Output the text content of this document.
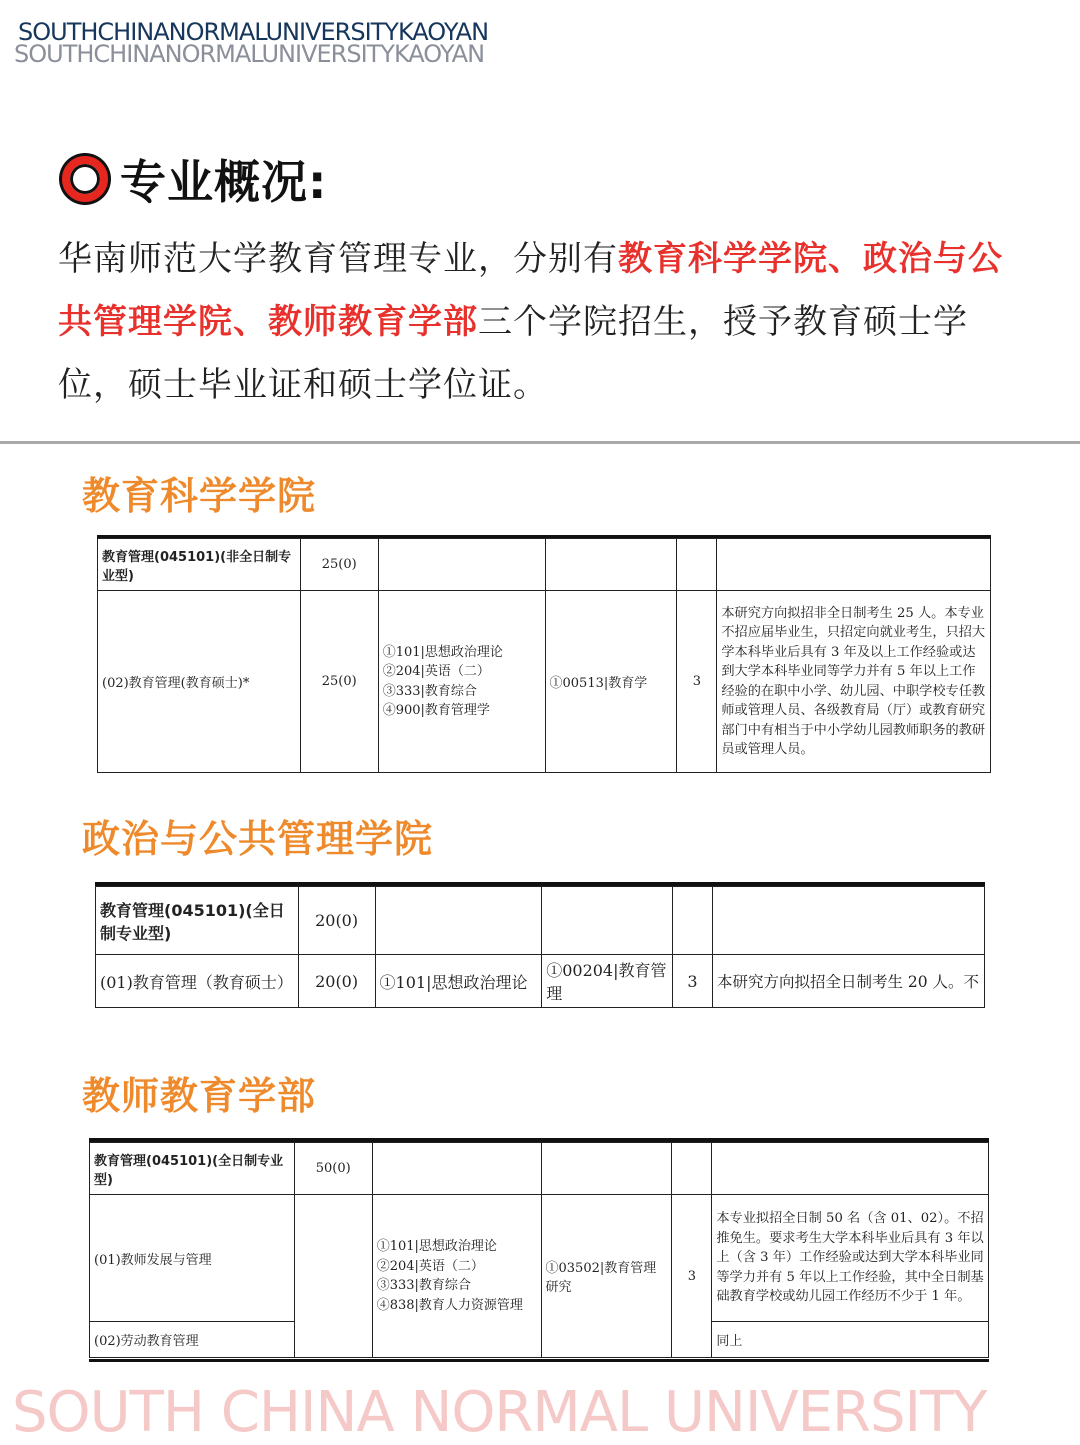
SOUTHCHINANORMALUNIVERSITYKAOYAN
SOUTHCHINANORMALUNIVERSITYKAOYAN
专业概况:
华南师范大学教育管理专业，分别有教育科学学院、政治与公共管理学院、教师教育学部三个学院招生，授予教育硕士学位，硕士毕业证和硕士学位证。
教育科学学院
教育管理(045101)(非全日制专业型)	25(0)				
(02)教育管理(教育硕士)*	25(0)	①101|思想政治理论
②204|英语（二）
③333|教育综合
④900|教育管理学	①00513|教育学	3	本研究方向拟招非全日制考生 25 人。本专业不招应届毕业生，只招定向就业考生，只招大学本科毕业后具有 3 年及以上工作经验或达到大学本科毕业同等学力并有 5 年以上工作经验的在职中小学、幼儿园、中职学校专任教师或管理人员、各级教育局（厅）或教育研究部门中有相当于中小学幼儿园教师职务的教研员或管理人员。
政治与公共管理学院
教育管理(045101)(全日制专业型)	20(0)				
(01)教育管理（教育硕士）	20(0)	①101|思想政治理论	①00204|教育管理	3	本研究方向拟招全日制考生 20 人。不
教师教育学部
教育管理(045101)(全日制专业型)	50(0)				
(01)教师发展与管理		①101|思想政治理论
②204|英语（二）
③333|教育综合
④838|教育人力资源管理	①03502|教育管理研究	3	本专业拟招全日制 50 名（含 01、02）。不招推免生。要求考生大学本科毕业后具有 3 年以上（含 3 年）工作经验或达到大学本科毕业同等学力并有 5 年以上工作经验，其中全日制基础教育学校或幼儿园工作经历不少于 1 年。
(02)劳动教育管理					同上
SOUTH CHINA NORMAL UNIVERSITY
